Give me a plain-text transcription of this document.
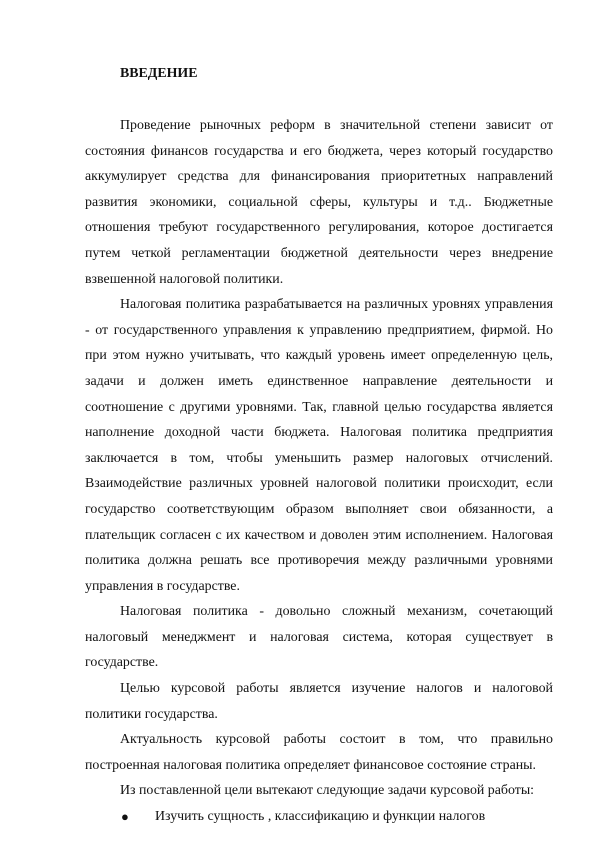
ВВЕДЕНИЕ

Проведение рыночных реформ в значительной степени зависит от состояния финансов государства и его бюджета, через который государство аккумулирует средства для финансирования приоритетных направлений развития экономики, социальной сферы, культуры и т.д.. Бюджетные отношения требуют государственного регулирования, которое достигается путем четкой регламентации бюджетной деятельности через внедрение взвешенной налоговой политики.

Налоговая политика разрабатывается на различных уровнях управления - от государственного управления к управлению предприятием, фирмой. Но при этом нужно учитывать, что каждый уровень имеет определенную цель, задачи и должен иметь единственное направление деятельности и соотношение с другими уровнями. Так, главной целью государства является наполнение доходной части бюджета. Налоговая политика предприятия заключается в том, чтобы уменьшить размер налоговых отчислений. Взаимодействие различных уровней налоговой политики происходит, если государство соответствующим образом выполняет свои обязанности, а плательщик согласен с их качеством и доволен этим исполнением. Налоговая политика должна решать все противоречия между различными уровнями управления в государстве.

Налоговая политика - довольно сложный механизм, сочетающий налоговый менеджмент и налоговая система, которая существует в государстве.

Целью курсовой работы является изучение налогов и налоговой политики государства.

Актуальность курсовой работы состоит в том, что правильно построенная налоговая политика определяет финансовое состояние страны.

Из поставленной цели вытекают следующие задачи курсовой работы:

● Изучить сущность , классификацию и функции налогов
